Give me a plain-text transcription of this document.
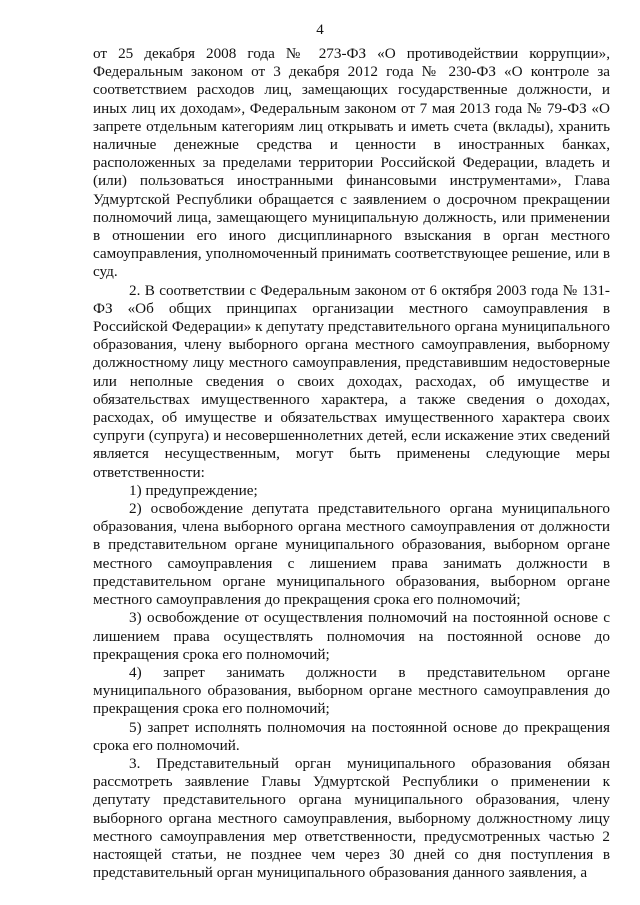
4

от 25 декабря 2008 года № 273-ФЗ «О противодействии коррупции», Федеральным законом от 3 декабря 2012 года № 230-ФЗ «О контроле за соответствием расходов лиц, замещающих государственные должности, и иных лиц их доходам», Федеральным законом от 7 мая 2013 года № 79-ФЗ «О запрете отдельным категориям лиц открывать и иметь счета (вклады), хранить наличные денежные средства и ценности в иностранных банках, расположенных за пределами территории Российской Федерации, владеть и (или) пользоваться иностранными финансовыми инструментами», Глава Удмуртской Республики обращается с заявлением о досрочном прекращении полномочий лица, замещающего муниципальную должность, или применении в отношении его иного дисциплинарного взыскания в орган местного самоуправления, уполномоченный принимать соответствующее решение, или в суд.

2. В соответствии с Федеральным законом от 6 октября 2003 года № 131-ФЗ «Об общих принципах организации местного самоуправления в Российской Федерации» к депутату представительного органа муниципального образования, члену выборного органа местного самоуправления, выборному должностному лицу местного самоуправления, представившим недостоверные или неполные сведения о своих доходах, расходах, об имуществе и обязательствах имущественного характера, а также сведения о доходах, расходах, об имуществе и обязательствах имущественного характера своих супруги (супруга) и несовершеннолетних детей, если искажение этих сведений является несущественным, могут быть применены следующие меры ответственности:

1) предупреждение;

2) освобождение депутата представительного органа муниципального образования, члена выборного органа местного самоуправления от должности в представительном органе муниципального образования, выборном органе местного самоуправления с лишением права занимать должности в представительном органе муниципального образования, выборном органе местного самоуправления до прекращения срока его полномочий;

3) освобождение от осуществления полномочий на постоянной основе с лишением права осуществлять полномочия на постоянной основе до прекращения срока его полномочий;

4) запрет занимать должности в представительном органе муниципального образования, выборном органе местного самоуправления до прекращения срока его полномочий;

5) запрет исполнять полномочия на постоянной основе до прекращения срока его полномочий.

3. Представительный орган муниципального образования обязан рассмотреть заявление Главы Удмуртской Республики о применении к депутату представительного органа муниципального образования, члену выборного органа местного самоуправления, выборному должностному лицу местного самоуправления мер ответственности, предусмотренных частью 2 настоящей статьи, не позднее чем через 30 дней со дня поступления в представительный орган муниципального образования данного заявления, а
